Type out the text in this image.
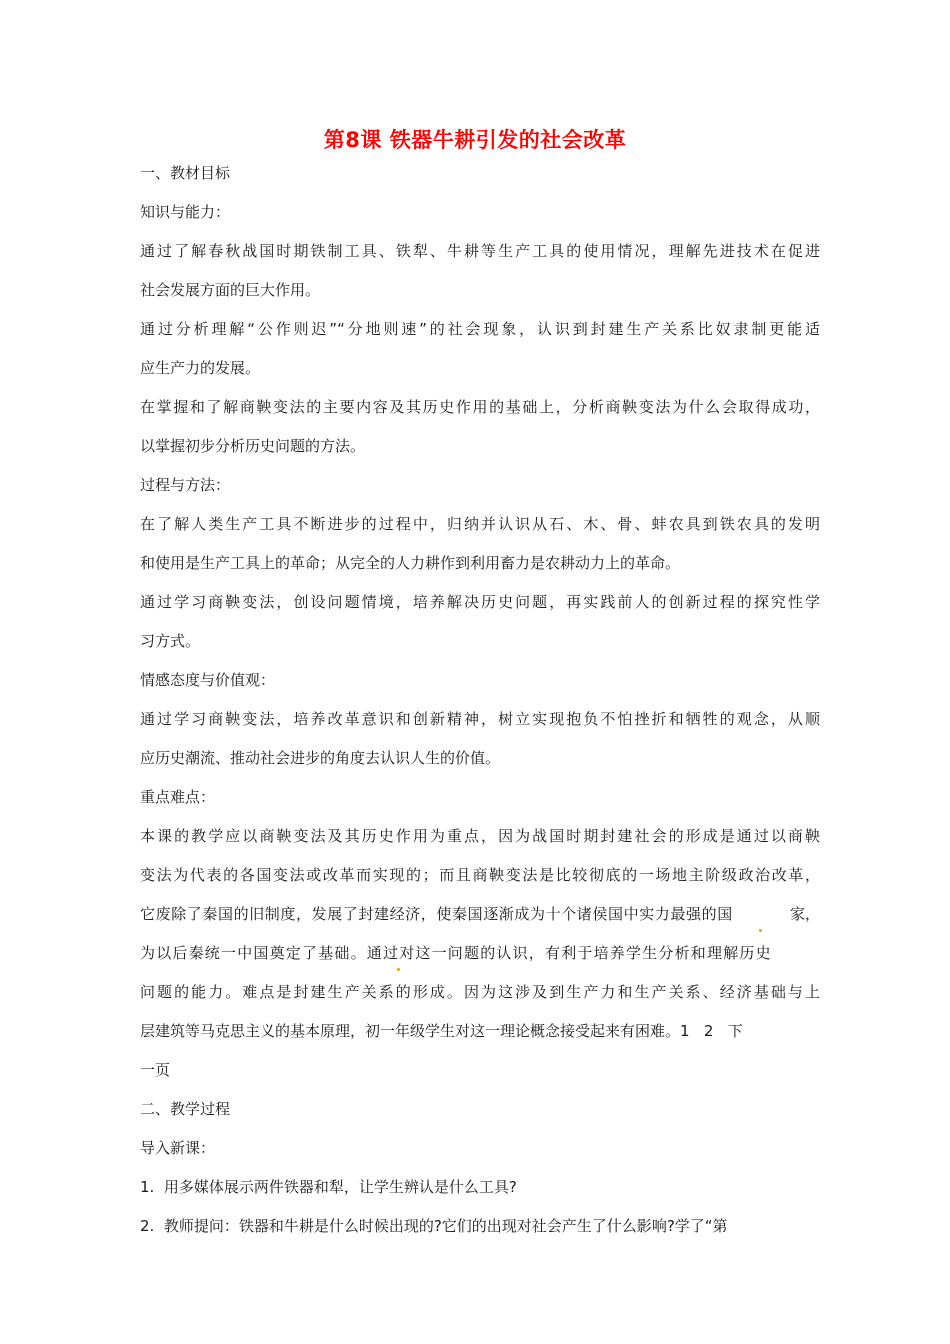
第8课 铁器牛耕引发的社会改革
一、教材目标
知识与能力：
通过了解春秋战国时期铁制工具、铁犁、牛耕等生产工具的使用情况，理解先进技术在促进
社会发展方面的巨大作用。
通过分析理解“公作则迟”“分地则速”的社会现象，认识到封建生产关系比奴隶制更能适
应生产力的发展。
在掌握和了解商鞅变法的主要内容及其历史作用的基础上，分析商鞅变法为什么会取得成功，
以掌握初步分析历史问题的方法。
过程与方法：
在了解人类生产工具不断进步的过程中，归纳并认识从石、木、骨、蚌农具到铁农具的发明
和使用是生产工具上的革命；从完全的人力耕作到利用畜力是农耕动力上的革命。
通过学习商鞅变法，创设问题情境，培养解决历史问题，再实践前人的创新过程的探究性学
习方式。
情感态度与价值观：
通过学习商鞅变法，培养改革意识和创新精神，树立实现抱负不怕挫折和牺牲的观念，从顺
应历史潮流、推动社会进步的角度去认识人生的价值。
重点难点：
本课的教学应以商鞅变法及其历史作用为重点，因为战国时期封建社会的形成是通过以商鞅
变法为代表的各国变法或改革而实现的；而且商鞅变法是比较彻底的一场地主阶级政治改革，
它废除了秦国的旧制度，发展了封建经济，使秦国逐渐成为十个诸侯国中实力最强的国	家，
为以后秦统一中国奠定了基础。通过 对这一问题的认识，有利于培养学生分析和理解历史
问题的能力。难点是封建生产关系的形成。因为这涉及到生产力和生产关系、经济基础与上
层建筑等马克思主义的基本原理，初一年级学生对这一理论概念接受起来有困难。1   2   下
一页
二、教学过程
导入新课：
1.  用多媒体展示两件铁器和犁，让学生辨认是什么工具?
2.  教师提问：铁器和牛耕是什么时候出现的?它们的出现对社会产生了什么影响?学了“第
